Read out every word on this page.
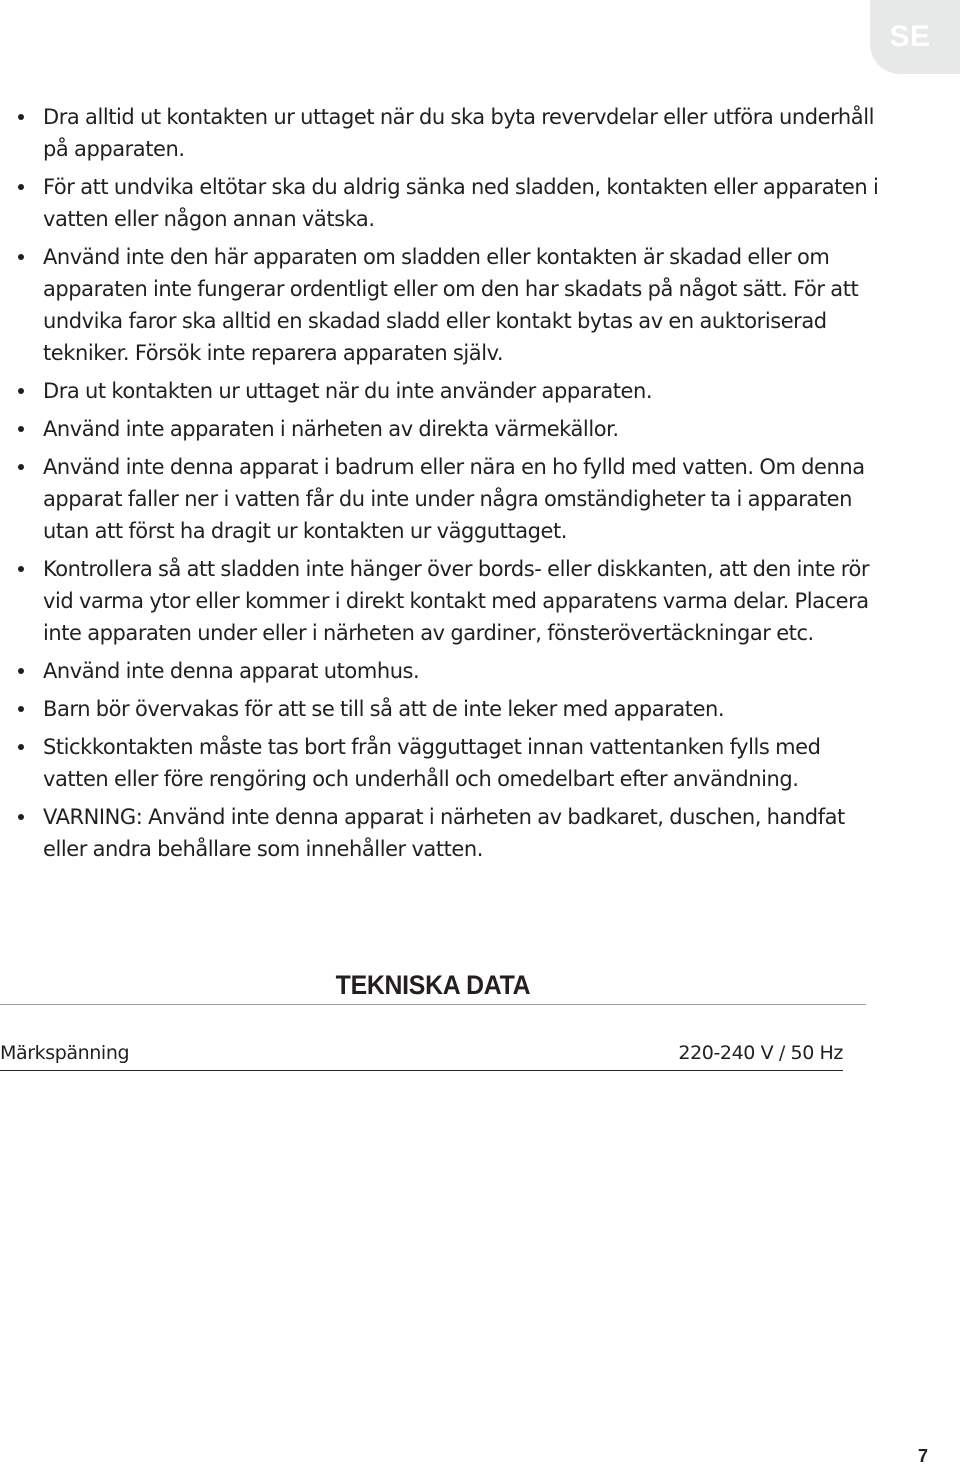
SE
Dra alltid ut kontakten ur uttaget när du ska byta revervdelar eller utföra underhåll på apparaten.
För att undvika eltötar ska du aldrig sänka ned sladden, kontakten eller apparaten i vatten eller någon annan vätska.
Använd inte den här apparaten om sladden eller kontakten är skadad eller om apparaten inte fungerar ordentligt eller om den har skadats på något sätt. För att undvika faror ska alltid en skadad sladd eller kontakt bytas av en auktoriserad tekniker. Försök inte reparera apparaten själv.
Dra ut kontakten ur uttaget när du inte använder apparaten.
Använd inte apparaten i närheten av direkta värmekällor.
Använd inte denna apparat i badrum eller nära en ho fylld med vatten. Om denna apparat faller ner i vatten får du inte under några omständigheter ta i apparaten utan att först ha dragit ur kontakten ur vägguttaget.
Kontrollera så att sladden inte hänger över bords- eller diskkanten, att den inte rör vid varma ytor eller kommer i direkt kontakt med apparatens varma delar. Placera inte apparaten under eller i närheten av gardiner, fönsterövertäckningar etc.
Använd inte denna apparat utomhus.
Barn bör övervakas för att se till så att de inte leker med apparaten.
Stickkontakten måste tas bort från vägguttaget innan vattentanken fylls med vatten eller före rengöring och underhåll och omedelbart efter användning.
VARNING: Använd inte denna apparat i närheten av badkaret, duschen, handfat eller andra behållare som innehåller vatten.
TEKNISKA DATA
Märkspänning	220-240 V / 50 Hz
7
